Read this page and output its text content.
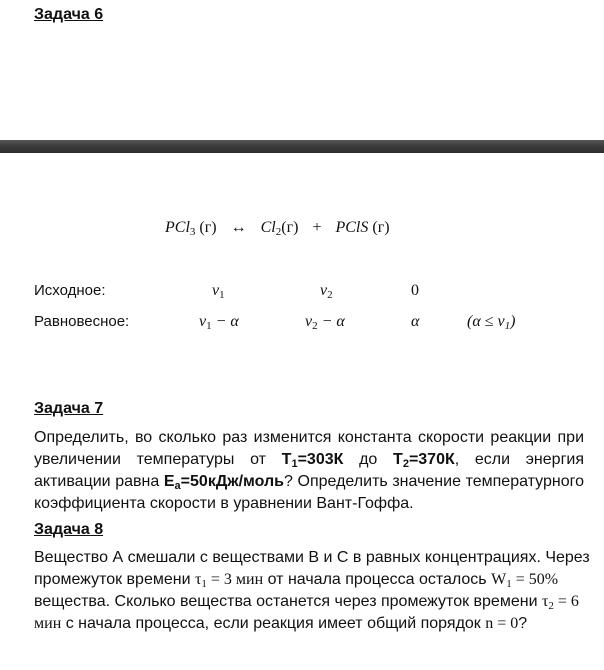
Задача 6
PCl$_3$ (г) ↔ $Cl_2(г)$ + PClS (г)
Исходное:	$v_1$	$v_2$	0
Равновесное:	$v_1 - \alpha$	$v_2 - \alpha$	α	$(\alpha \le v_1)$
Задача 7
Определить, во сколько раз изменится константа скорости реакции при увеличении температуры от $T_1=303К$ до $T_2=370К$, если энергия активации равна $E_a=50кДж$/моль? Определить значение температурного коэффициента скорости в уравнении Вант-Гоффа.
Задача 8
Вещество А смешали с веществами В и С в равных концентрациях. Через промежуток времени $\tau_1 = 3$ мин от начала процесса осталось $W_1 = 50\%$ вещества. Сколько вещества останется через промежуток времени $\tau_2 = 6$ мин с начала процесса, если реакция имеет общий порядок n = 0?
